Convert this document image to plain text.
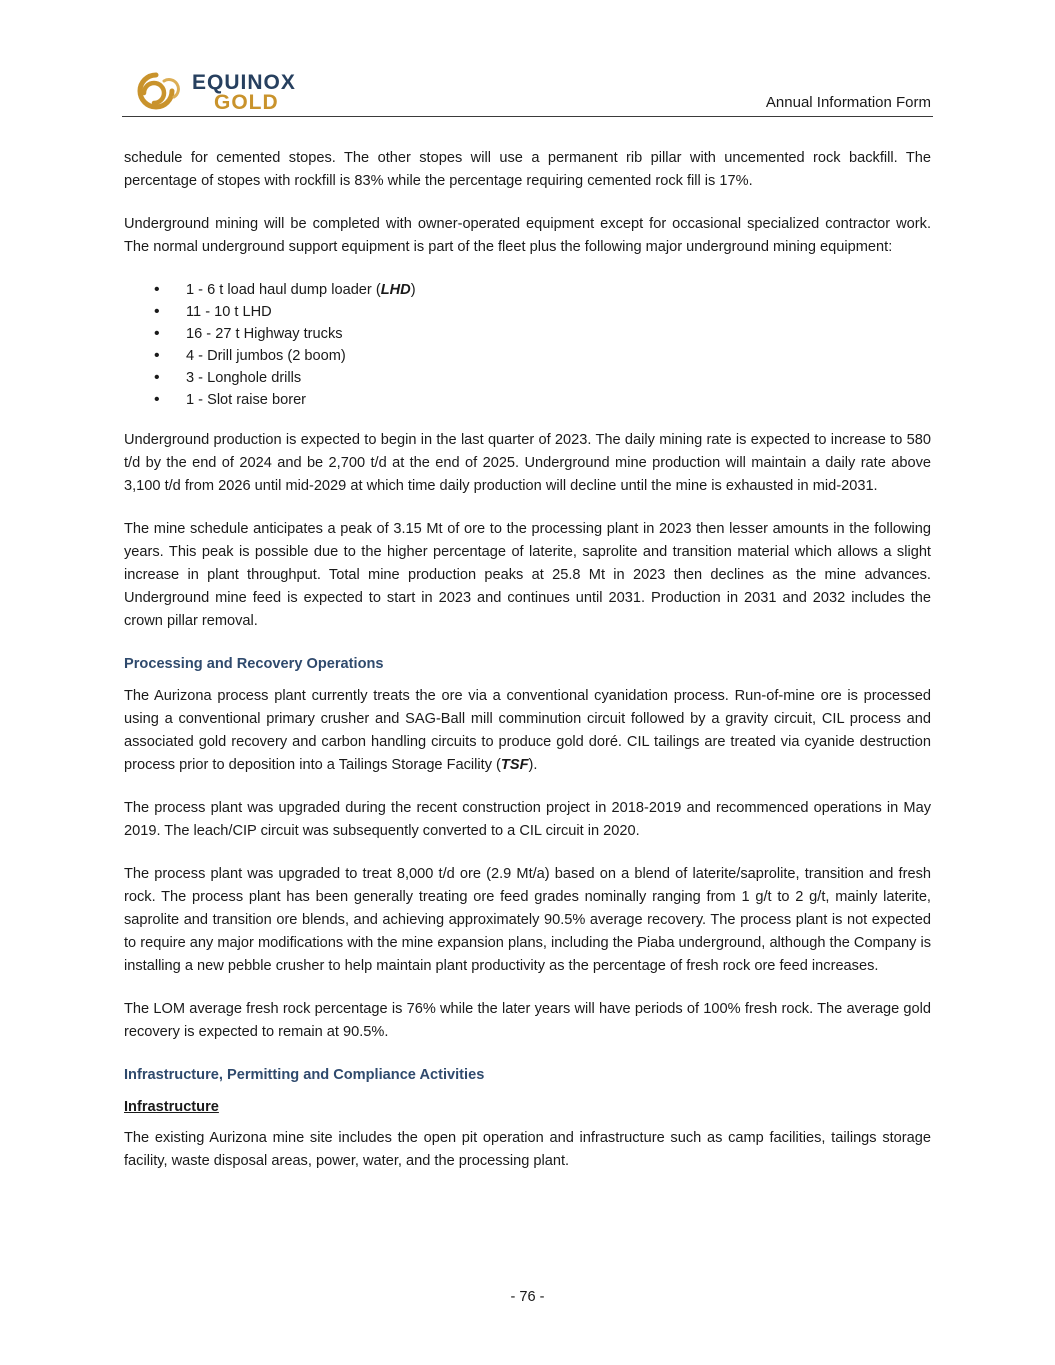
EQUINOX
GOLD	Annual Information Form

schedule for cemented stopes. The other stopes will use a permanent rib pillar with uncemented rock backfill. The percentage of stopes with rockfill is 83% while the percentage requiring cemented rock fill is 17%.

Underground mining will be completed with owner-operated equipment except for occasional specialized contractor work. The normal underground support equipment is part of the fleet plus the following major underground mining equipment:

• 1 - 6 t load haul dump loader (LHD)
• 11 - 10 t LHD
• 16 - 27 t Highway trucks
• 4 - Drill jumbos (2 boom)
• 3 - Longhole drills
• 1 - Slot raise borer

Underground production is expected to begin in the last quarter of 2023. The daily mining rate is expected to increase to 580 t/d by the end of 2024 and be 2,700 t/d at the end of 2025. Underground mine production will maintain a daily rate above 3,100 t/d from 2026 until mid-2029 at which time daily production will decline until the mine is exhausted in mid-2031.

The mine schedule anticipates a peak of 3.15 Mt of ore to the processing plant in 2023 then lesser amounts in the following years. This peak is possible due to the higher percentage of laterite, saprolite and transition material which allows a slight increase in plant throughput. Total mine production peaks at 25.8 Mt in 2023 then declines as the mine advances. Underground mine feed is expected to start in 2023 and continues until 2031. Production in 2031 and 2032 includes the crown pillar removal.

Processing and Recovery Operations

The Aurizona process plant currently treats the ore via a conventional cyanidation process. Run-of-mine ore is processed using a conventional primary crusher and SAG-Ball mill comminution circuit followed by a gravity circuit, CIL process and associated gold recovery and carbon handling circuits to produce gold doré. CIL tailings are treated via cyanide destruction process prior to deposition into a Tailings Storage Facility (TSF).

The process plant was upgraded during the recent construction project in 2018-2019 and recommenced operations in May 2019. The leach/CIP circuit was subsequently converted to a CIL circuit in 2020.

The process plant was upgraded to treat 8,000 t/d ore (2.9 Mt/a) based on a blend of laterite/saprolite, transition and fresh rock. The process plant has been generally treating ore feed grades nominally ranging from 1 g/t to 2 g/t, mainly laterite, saprolite and transition ore blends, and achieving approximately 90.5% average recovery. The process plant is not expected to require any major modifications with the mine expansion plans, including the Piaba underground, although the Company is installing a new pebble crusher to help maintain plant productivity as the percentage of fresh rock ore feed increases.

The LOM average fresh rock percentage is 76% while the later years will have periods of 100% fresh rock. The average gold recovery is expected to remain at 90.5%.

Infrastructure, Permitting and Compliance Activities
Infrastructure

The existing Aurizona mine site includes the open pit operation and infrastructure such as camp facilities, tailings storage facility, waste disposal areas, power, water, and the processing plant.

- 76 -
